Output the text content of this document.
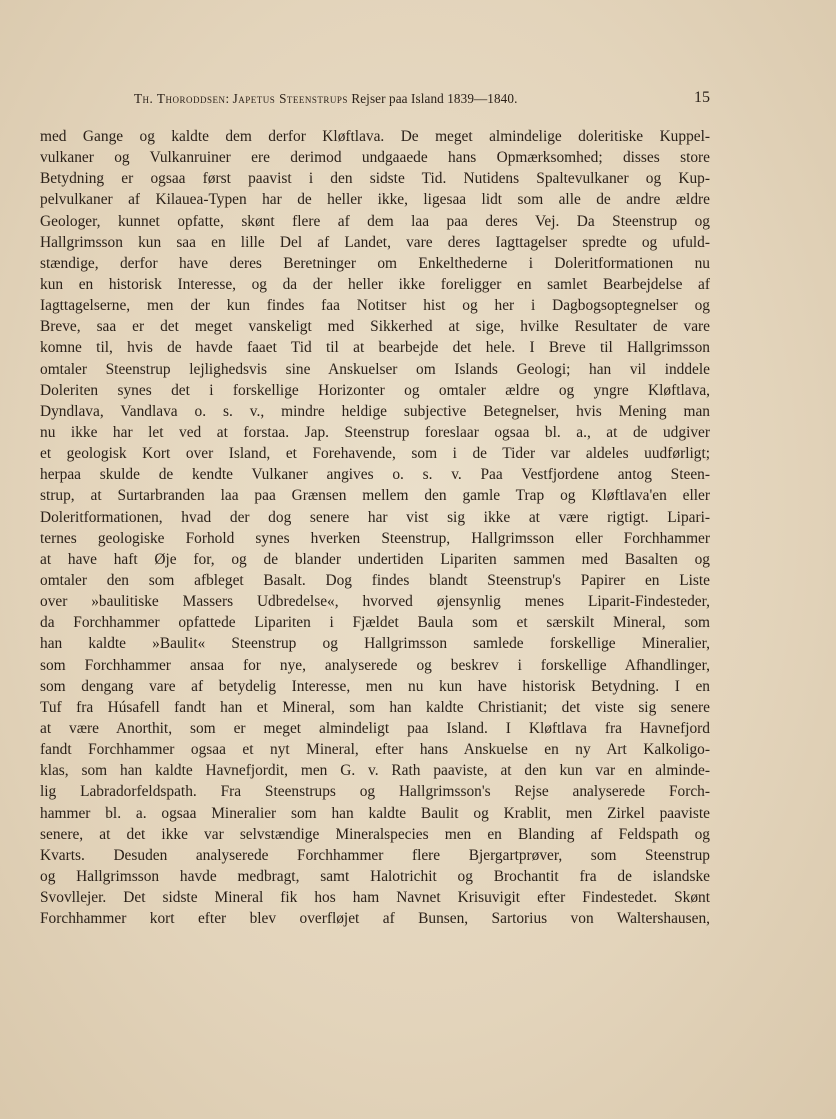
Th. Thoroddsen: Japetus Steenstrups Rejser paa Island 1839—1840.	15
med Gange og kaldte dem derfor Kløftlava. De meget almindelige doleritiske Kuppel-
vulkaner og Vulkanruiner ere derimod undgaaede hans Opmærksomhed; disses store
Betydning er ogsaa først paavist i den sidste Tid. Nutidens Spaltevulkaner og Kup-
pelvulkaner af Kilauea-Typen har de heller ikke, ligesaa lidt som alle de andre ældre
Geologer, kunnet opfatte, skønt flere af dem laa paa deres Vej. Da Steenstrup og
Hallgrimsson kun saa en lille Del af Landet, vare deres Iagttagelser spredte og ufuld-
stændige, derfor have deres Beretninger om Enkelthederne i Doleritformationen nu
kun en historisk Interesse, og da der heller ikke foreligger en samlet Bearbejdelse af
Iagttagelserne, men der kun findes faa Notitser hist og her i Dagbogsoptegnelser og
Breve, saa er det meget vanskeligt med Sikkerhed at sige, hvilke Resultater de vare
komne til, hvis de havde faaet Tid til at bearbejde det hele. I Breve til Hallgrimsson
omtaler Steenstrup lejlighedsvis sine Anskuelser om Islands Geologi; han vil inddele
Doleriten synes det i forskellige Horizonter og omtaler ældre og yngre Kløftlava,
Dyndlava, Vandlava o. s. v., mindre heldige subjective Betegnelser, hvis Mening man
nu ikke har let ved at forstaa. Jap. Steenstrup foreslaar ogsaa bl. a., at de udgiver
et geologisk Kort over Island, et Forehavende, som i de Tider var aldeles uudførligt;
herpaa skulde de kendte Vulkaner angives o. s. v. Paa Vestfjordene antog Steen-
strup, at Surtarbranden laa paa Grænsen mellem den gamle Trap og Kløftlava'en eller
Doleritformationen, hvad der dog senere har vist sig ikke at være rigtigt. Lipari-
ternes geologiske Forhold synes hverken Steenstrup, Hallgrimsson eller Forchhammer
at have haft Øje for, og de blander undertiden Lipariten sammen med Basalten og
omtaler den som afbleget Basalt. Dog findes blandt Steenstrup's Papirer en Liste
over »baulitiske Massers Udbredelse«, hvorved øjensynlig menes Liparit-Findesteder,
da Forchhammer opfattede Lipariten i Fjældet Baula som et særskilt Mineral, som
han kaldte »Baulit« Steenstrup og Hallgrimsson samlede forskellige Mineralier,
som Forchhammer ansaa for nye, analyserede og beskrev i forskellige Afhandlinger,
som dengang vare af betydelig Interesse, men nu kun have historisk Betydning. I en
Tuf fra Húsafell fandt han et Mineral, som han kaldte Christianit; det viste sig senere
at være Anorthit, som er meget almindeligt paa Island. I Kløftlava fra Havnefjord
fandt Forchhammer ogsaa et nyt Mineral, efter hans Anskuelse en ny Art Kalkoligo-
klas, som han kaldte Havnefjordit, men G. v. Rath paaviste, at den kun var en alminde-
lig Labradorfeldspath. Fra Steenstrups og Hallgrimsson's Rejse analyserede Forch-
hammer bl. a. ogsaa Mineralier som han kaldte Baulit og Krablit, men Zirkel paaviste
senere, at det ikke var selvstændige Mineralspecies men en Blanding af Feldspath og
Kvarts. Desuden analyserede Forchhammer flere Bjergartprøver, som Steenstrup
og Hallgrimsson havde medbragt, samt Halotrichit og Brochantit fra de islandske
Svovllejer. Det sidste Mineral fik hos ham Navnet Krisuvigit efter Findestedet. Skønt
Forchhammer kort efter blev overfløjet af Bunsen, Sartorius von Waltershausen,
